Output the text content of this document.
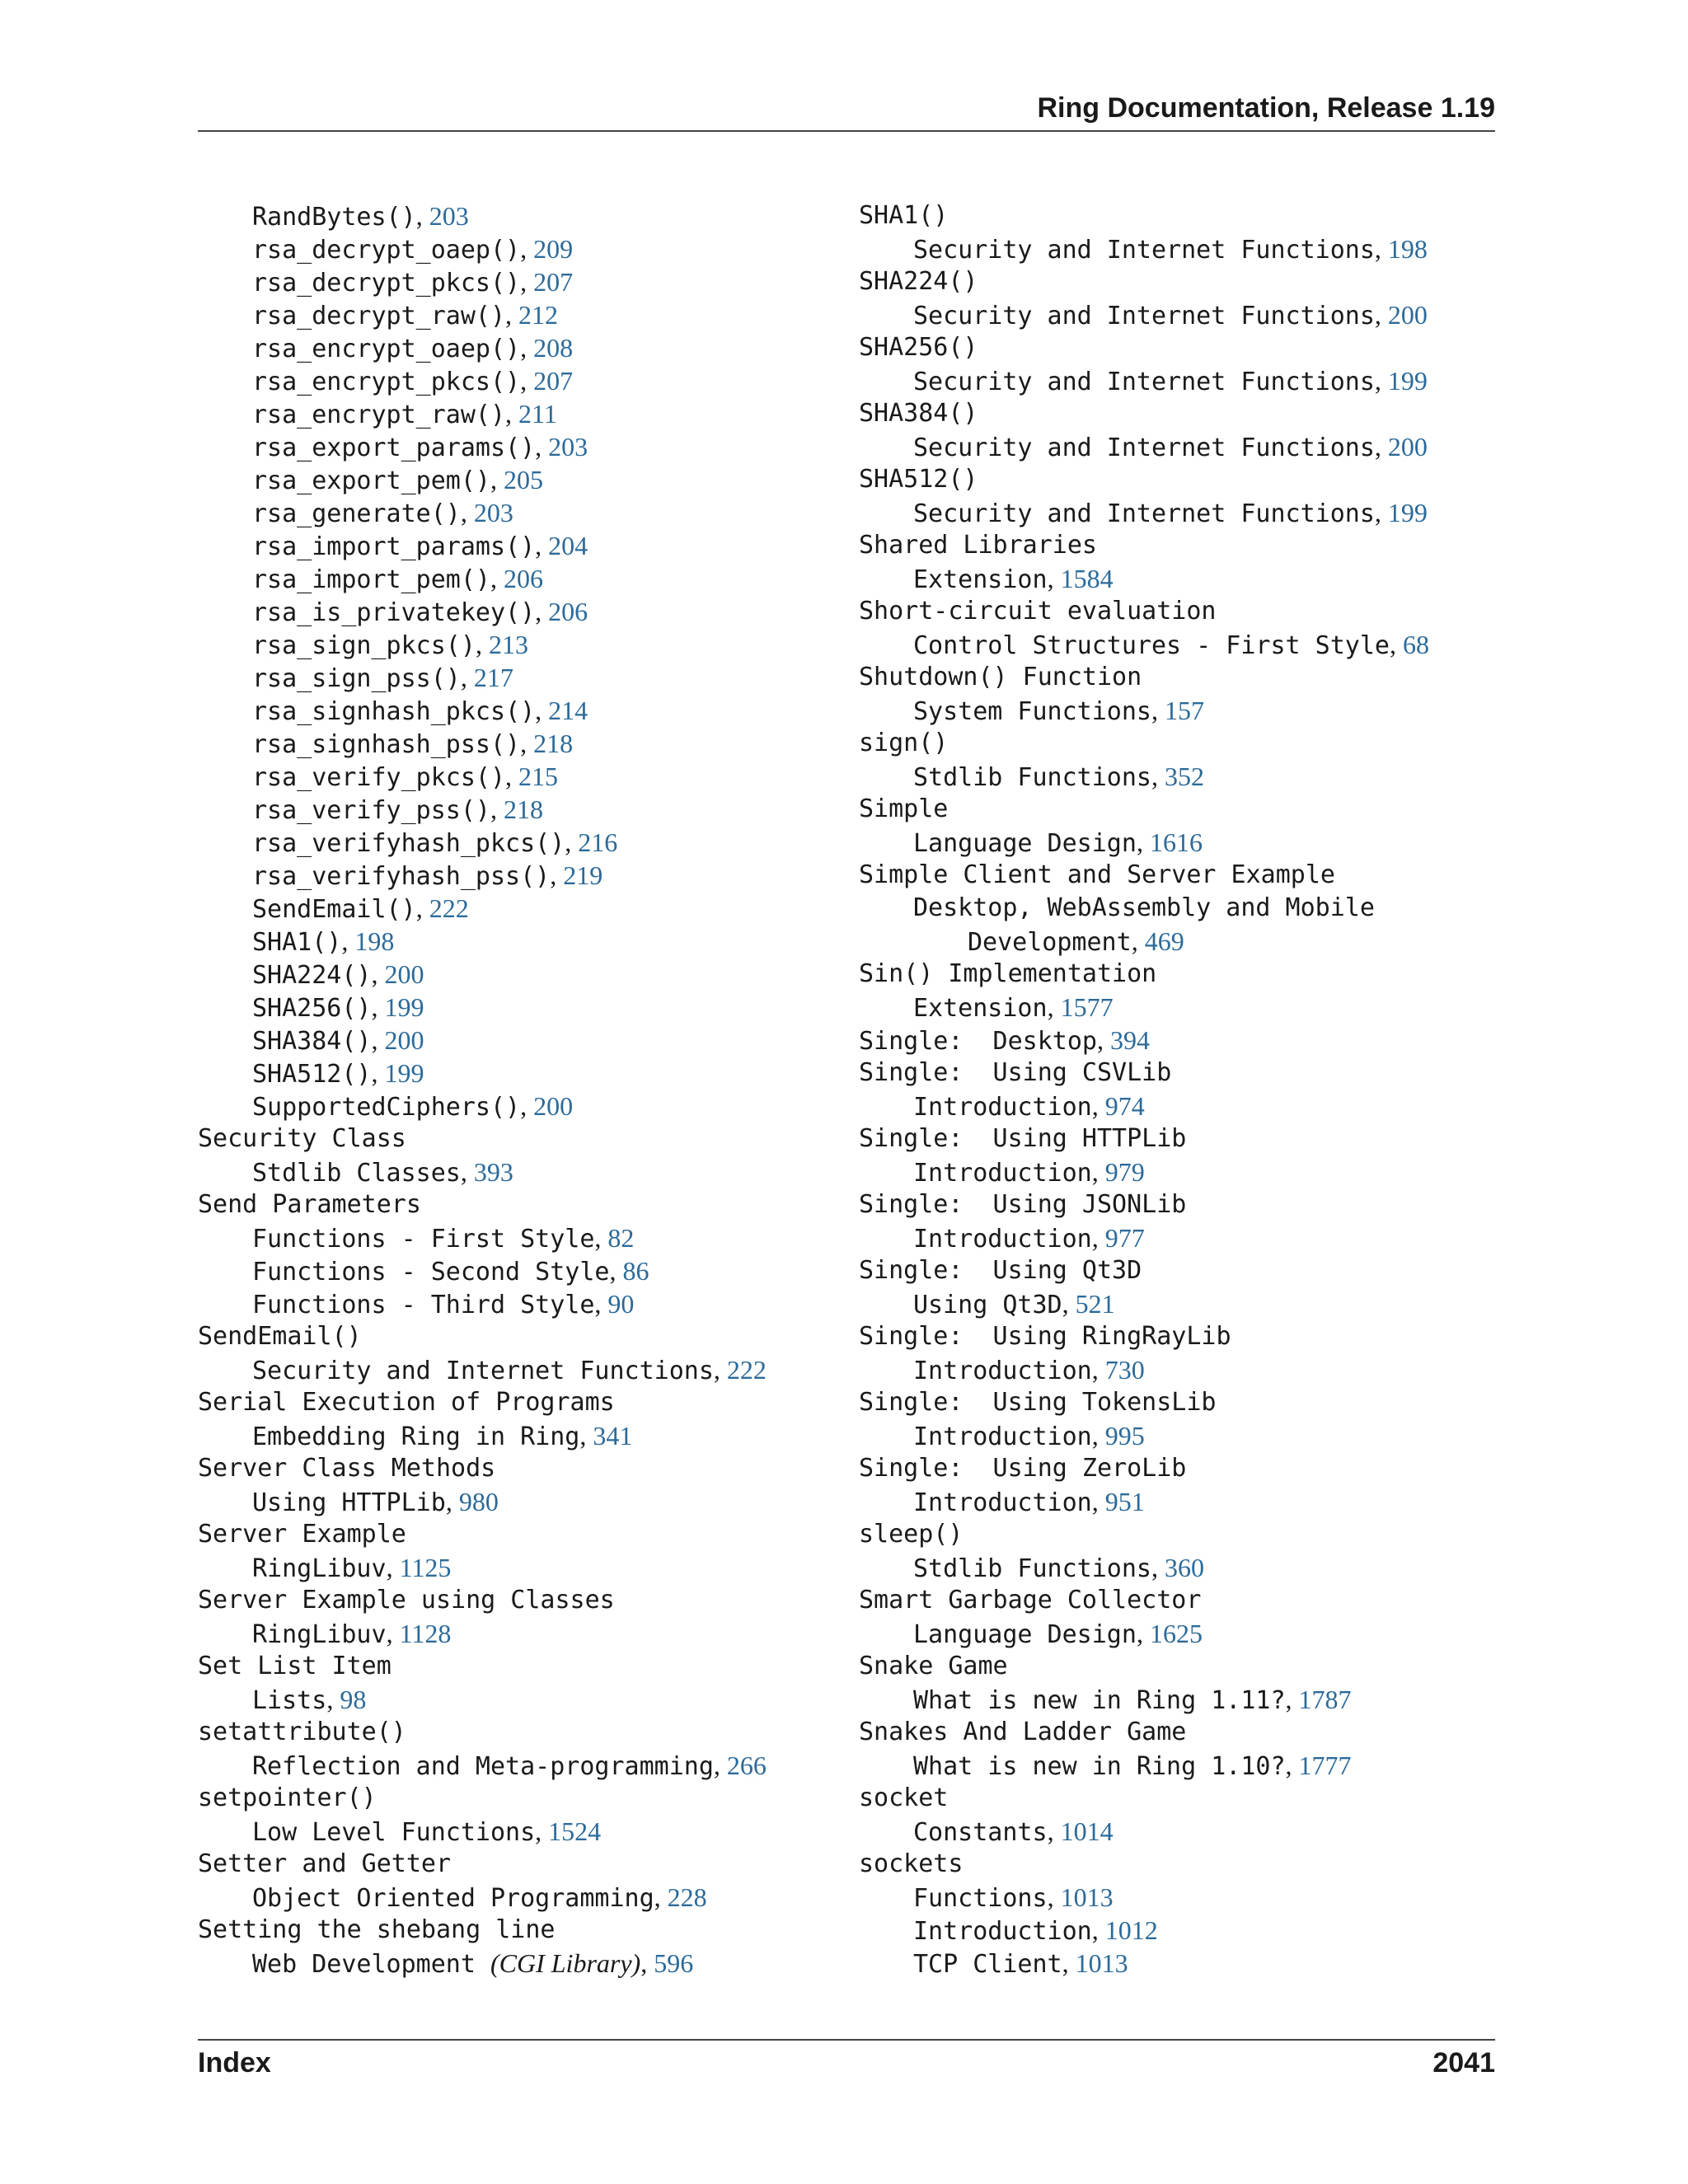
Ring Documentation, Release 1.19
RandBytes(), 203
rsa_decrypt_oaep(), 209
rsa_decrypt_pkcs(), 207
rsa_decrypt_raw(), 212
rsa_encrypt_oaep(), 208
rsa_encrypt_pkcs(), 207
rsa_encrypt_raw(), 211
rsa_export_params(), 203
rsa_export_pem(), 205
rsa_generate(), 203
rsa_import_params(), 204
rsa_import_pem(), 206
rsa_is_privatekey(), 206
rsa_sign_pkcs(), 213
rsa_sign_pss(), 217
rsa_signhash_pkcs(), 214
rsa_signhash_pss(), 218
rsa_verify_pkcs(), 215
rsa_verify_pss(), 218
rsa_verifyhash_pkcs(), 216
rsa_verifyhash_pss(), 219
SendEmail(), 222
SHA1(), 198
SHA224(), 200
SHA256(), 199
SHA384(), 200
SHA512(), 199
SupportedCiphers(), 200
Security Class
Stdlib Classes, 393
Send Parameters
Functions - First Style, 82
Functions - Second Style, 86
Functions - Third Style, 90
SendEmail()
Security and Internet Functions, 222
Serial Execution of Programs
Embedding Ring in Ring, 341
Server Class Methods
Using HTTPLib, 980
Server Example
RingLibuv, 1125
Server Example using Classes
RingLibuv, 1128
Set List Item
Lists, 98
setattribute()
Reflection and Meta-programming, 266
setpointer()
Low Level Functions, 1524
Setter and Getter
Object Oriented Programming, 228
Setting the shebang line
Web Development (CGI Library), 596
SHA1()
Security and Internet Functions, 198
SHA224()
Security and Internet Functions, 200
SHA256()
Security and Internet Functions, 199
SHA384()
Security and Internet Functions, 200
SHA512()
Security and Internet Functions, 199
Shared Libraries
Extension, 1584
Short-circuit evaluation
Control Structures - First Style, 68
Shutdown() Function
System Functions, 157
sign()
Stdlib Functions, 352
Simple
Language Design, 1616
Simple Client and Server Example
Desktop, WebAssembly and Mobile
Development, 469
Sin() Implementation
Extension, 1577
Single:  Desktop, 394
Single:  Using CSVLib
Introduction, 974
Single:  Using HTTPLib
Introduction, 979
Single:  Using JSONLib
Introduction, 977
Single:  Using Qt3D
Using Qt3D, 521
Single:  Using RingRayLib
Introduction, 730
Single:  Using TokensLib
Introduction, 995
Single:  Using ZeroLib
Introduction, 951
sleep()
Stdlib Functions, 360
Smart Garbage Collector
Language Design, 1625
Snake Game
What is new in Ring 1.11?, 1787
Snakes And Ladder Game
What is new in Ring 1.10?, 1777
socket
Constants, 1014
sockets
Functions, 1013
Introduction, 1012
TCP Client, 1013
Index	2041
